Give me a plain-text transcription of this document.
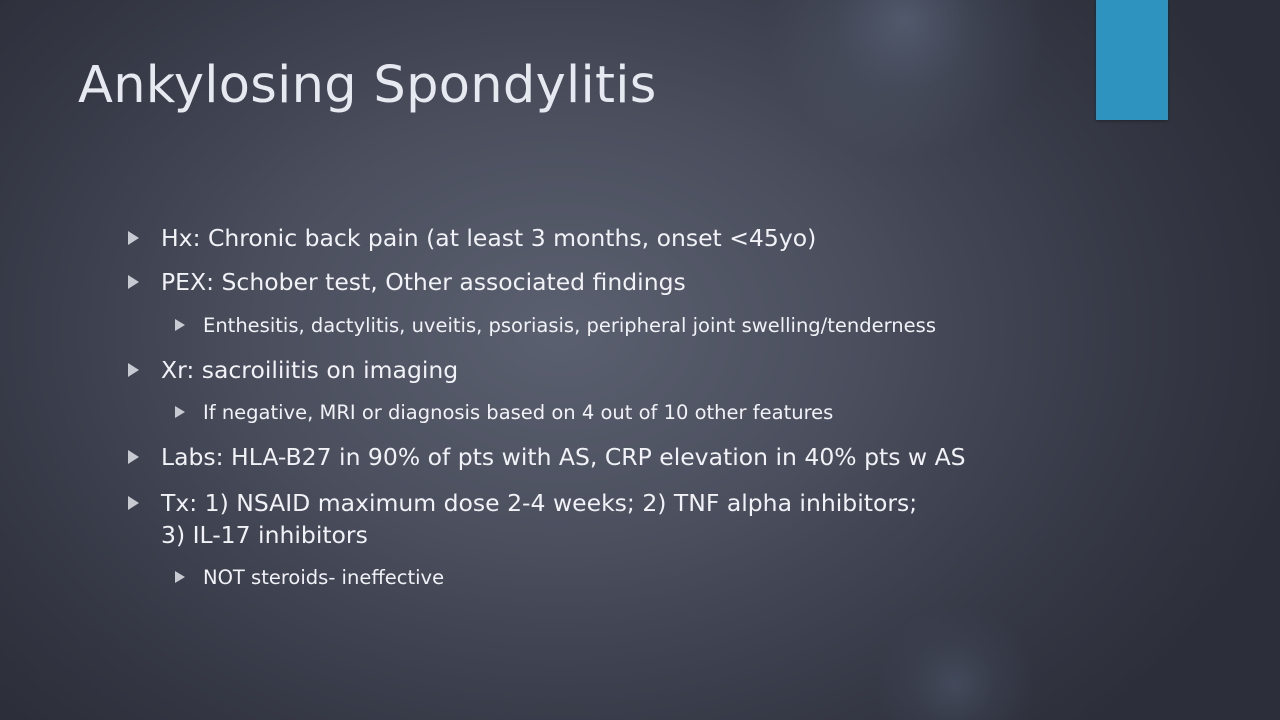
Ankylosing Spondylitis
Hx: Chronic back pain (at least 3 months, onset <45yo)
PEX: Schober test, Other associated findings
Enthesitis, dactylitis, uveitis, psoriasis, peripheral joint swelling/tenderness
Xr: sacroiliitis on imaging
If negative, MRI or diagnosis based on 4 out of 10 other features
Labs: HLA-B27 in 90% of pts with AS, CRP elevation in 40% pts w AS
Tx: 1) NSAID maximum dose 2-4 weeks; 2) TNF alpha inhibitors;
3) IL-17 inhibitors
NOT steroids- ineffective
